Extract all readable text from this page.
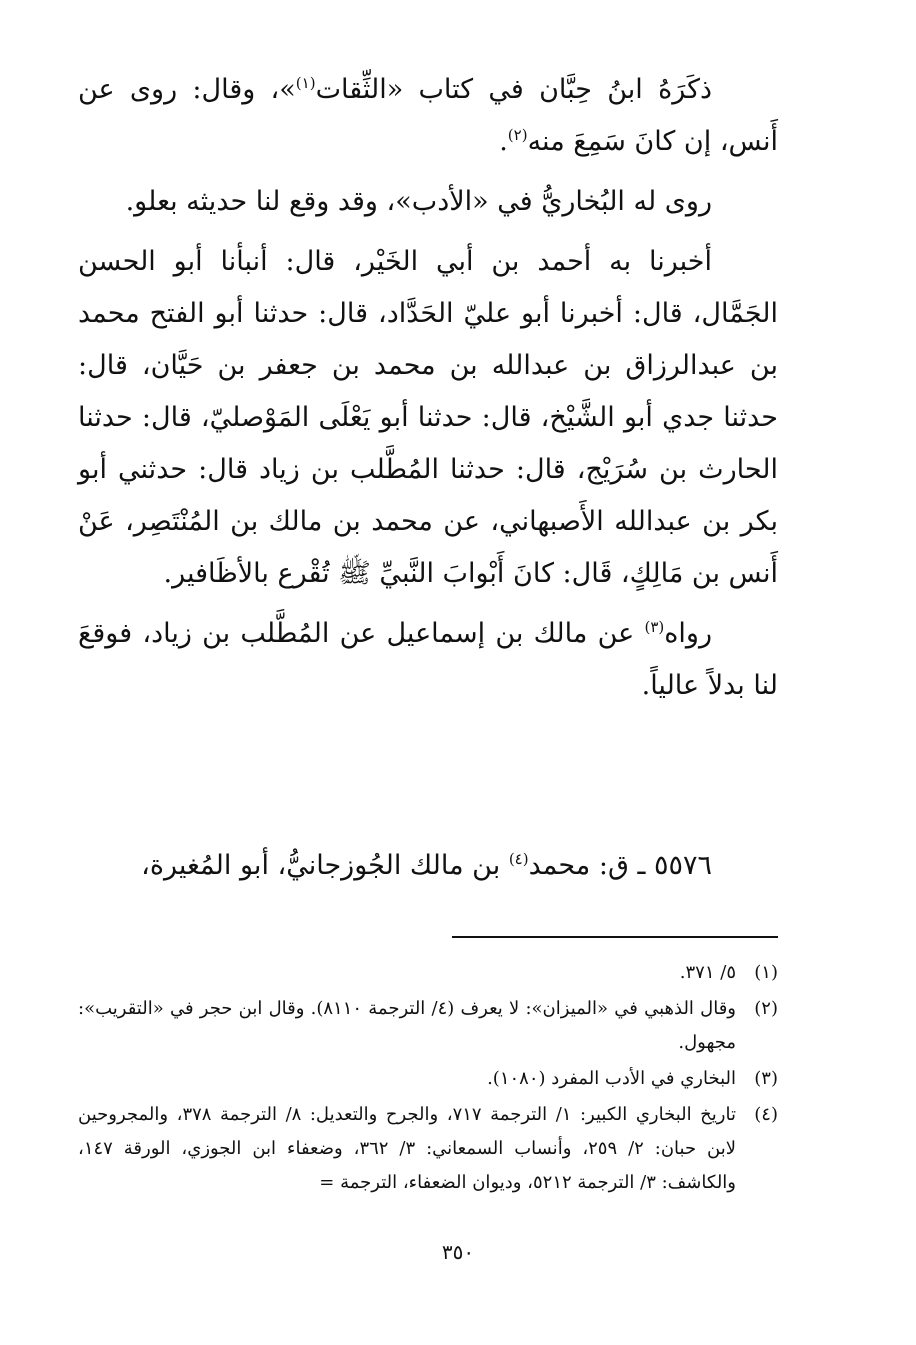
ذكَرَهُ ابنُ حِبَّان في كتاب «الثِّقات$^{(١)}$»، وقال: روى عن أَنس، إن كانَ سَمِعَ منه$^{(٢)}$.

روى له البُخاريُّ في «الأدب»، وقد وقع لنا حديثه بعلو.

أخبرنا به أحمد بن أبي الخَيْر، قال: أنبأنا أبو الحسن الجَمَّال، قال: أخبرنا أبو عليّ الحَدَّاد، قال: حدثنا أبو الفتح محمد بن عبدالرزاق بن عبدالله بن محمد بن جعفر بن حَيَّان، قال: حدثنا جدي أبو الشَّيْخ، قال: حدثنا أبو يَعْلَى المَوْصليّ، قال: حدثنا الحارث بن سُرَيْج، قال: حدثنا المُطَّلب بن زياد قال: حدثني أبو بكر بن عبدالله الأَصبهاني، عن محمد بن مالك بن المُنْتَصِر، عَنْ أَنس بن مَالِكٍ، قَال: كانَ أَبْوابَ النَّبيِّ ﷺ تُقْرع بالأظَافير.

رواه$^{(٣)}$ عن مالك بن إسماعيل عن المُطَّلب بن زياد، فوقعَ لنا بدلاً عالياً.

٥٥٧٦ ـ ق: محمد$^{(٤)}$ بن مالك الجُوزجانيُّ، أبو المُغيرة،
(١)
٥/ ٣٧١.
(٢)
وقال الذهبي في «الميزان»: لا يعرف (٤/ الترجمة ٨١١٠). وقال ابن حجر في «التقريب»: مجهول.
(٣)
البخاري في الأدب المفرد (١٠٨٠).
(٤)
تاريخ البخاري الكبير: ١/ الترجمة ٧١٧، والجرح والتعديل: ٨/ الترجمة ٣٧٨، والمجروحين لابن حبان: ٢/ ٢٥٩، وأنساب السمعاني: ٣/ ٣٦٢، وضعفاء ابن الجوزي، الورقة ١٤٧، والكاشف: ٣/ الترجمة ٥٢١٢، وديوان الضعفاء، الترجمة =
٣٥٠
